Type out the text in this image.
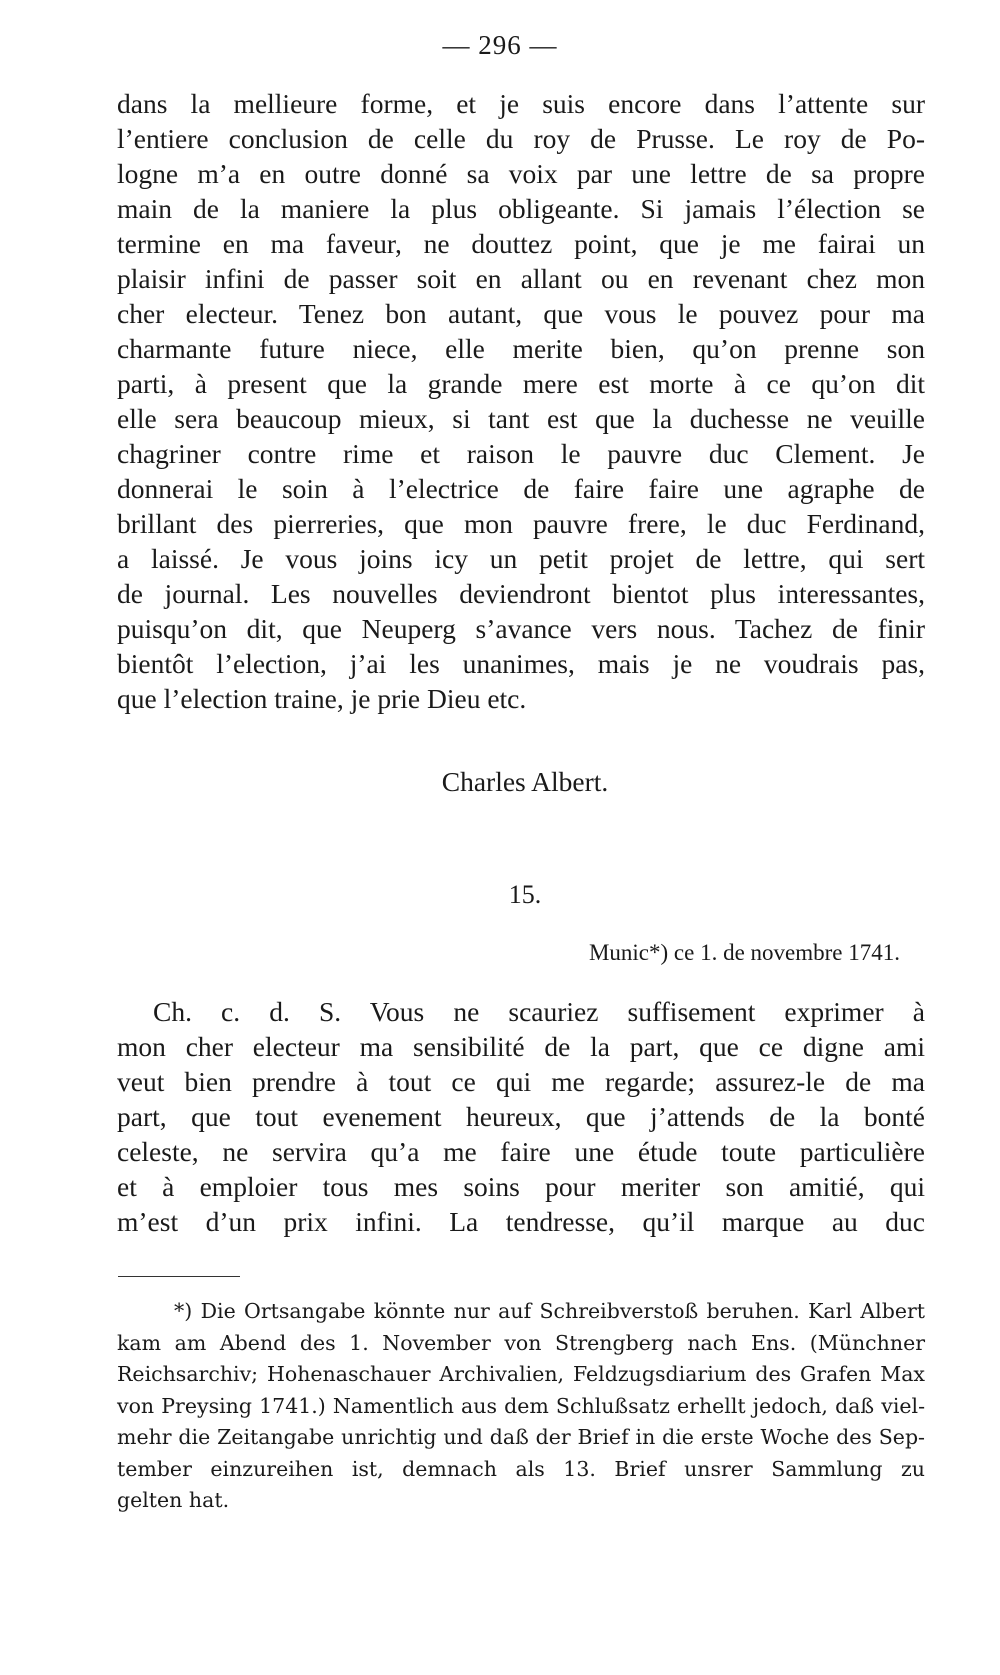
— 296 —
dans la mellieure forme, et je suis encore dans l’attente sur
l’entiere conclusion de celle du roy de Prusse. Le roy de Po-
logne m’a en outre donné sa voix par une lettre de sa propre
main de la maniere la plus obligeante. Si jamais l’élection se
termine en ma faveur, ne douttez point, que je me fairai un
plaisir infini de passer soit en allant ou en revenant chez mon
cher electeur. Tenez bon autant, que vous le pouvez pour ma
charmante future niece, elle merite bien, qu’on prenne son
parti, à present que la grande mere est morte à ce qu’on dit
elle sera beaucoup mieux, si tant est que la duchesse ne veuille
chagriner contre rime et raison le pauvre duc Clement. Je
donnerai le soin à l’electrice de faire faire une agraphe de
brillant des pierreries, que mon pauvre frere, le duc Ferdinand,
a laissé. Je vous joins icy un petit projet de lettre, qui sert
de journal. Les nouvelles deviendront bientot plus interessantes,
puisqu’on dit, que Neuperg s’avance vers nous. Tachez de finir
bientôt l’election, j’ai les unanimes, mais je ne voudrais pas,
que l’election traine, je prie Dieu etc.
Charles Albert.
15.
Munic*) ce 1. de novembre 1741.
Ch. c. d. S. Vous ne scauriez suffisement exprimer à
mon cher electeur ma sensibilité de la part, que ce digne ami
veut bien prendre à tout ce qui me regarde; assurez-le de ma
part, que tout evenement heureux, que j’attends de la bonté
celeste, ne servira qu’a me faire une étude toute particulière
et à emploier tous mes soins pour meriter son amitié, qui
m’est d’un prix infini. La tendresse, qu’il marque au duc
*) Die Ortsangabe könnte nur auf Schreibverstoß beruhen. Karl Albert
kam am Abend des 1. November von Strengberg nach Ens. (Münchner
Reichsarchiv; Hohenaschauer Archivalien, Feldzugsdiarium des Grafen Max
von Preysing 1741.) Namentlich aus dem Schlußsatz erhellt jedoch, daß viel-
mehr die Zeitangabe unrichtig und daß der Brief in die erste Woche des Sep-
tember einzureihen ist, demnach als 13. Brief unsrer Sammlung zu
gelten hat.
